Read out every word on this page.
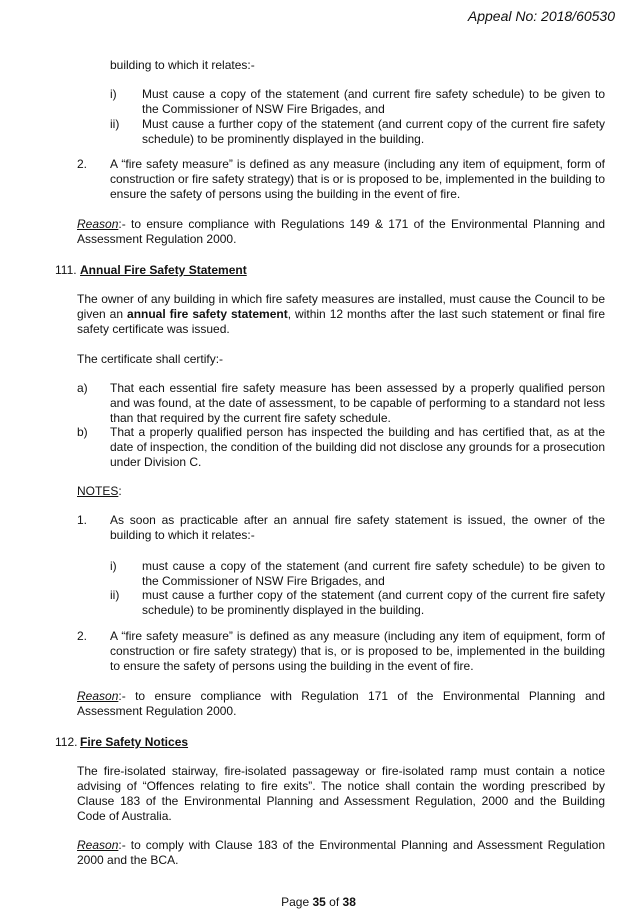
Appeal No: 2018/60530
building to which it relates:-
i)	Must cause a copy of the statement (and current fire safety schedule) to be given to the Commissioner of NSW Fire Brigades, and
ii)	Must cause a further copy of the statement (and current copy of the current fire safety schedule) to be prominently displayed in the building.
2.	A “fire safety measure” is defined as any measure (including any item of equipment, form of construction or fire safety strategy) that is or is proposed to be, implemented in the building to ensure the safety of persons using the building in the event of fire.
Reason:- to ensure compliance with Regulations 149 & 171 of the Environmental Planning and Assessment Regulation 2000.
111. Annual Fire Safety Statement
The owner of any building in which fire safety measures are installed, must cause the Council to be given an annual fire safety statement, within 12 months after the last such statement or final fire safety certificate was issued.
The certificate shall certify:-
a)	That each essential fire safety measure has been assessed by a properly qualified person and was found, at the date of assessment, to be capable of performing to a standard not less than that required by the current fire safety schedule.
b)	That a properly qualified person has inspected the building and has certified that, as at the date of inspection, the condition of the building did not disclose any grounds for a prosecution under Division C.
NOTES:
1.	As soon as practicable after an annual fire safety statement is issued, the owner of the building to which it relates:-
i)	must cause a copy of the statement (and current fire safety schedule) to be given to the Commissioner of NSW Fire Brigades, and
ii)	must cause a further copy of the statement (and current copy of the current fire safety schedule) to be prominently displayed in the building.
2.	A “fire safety measure” is defined as any measure (including any item of equipment, form of construction or fire safety strategy) that is, or is proposed to be, implemented in the building to ensure the safety of persons using the building in the event of fire.
Reason:- to ensure compliance with Regulation 171 of the Environmental Planning and Assessment Regulation 2000.
112. Fire Safety Notices
The fire-isolated stairway, fire-isolated passageway or fire-isolated ramp must contain a notice advising of “Offences relating to fire exits”. The notice shall contain the wording prescribed by Clause 183 of the Environmental Planning and Assessment Regulation, 2000 and the Building Code of Australia.
Reason:- to comply with Clause 183 of the Environmental Planning and Assessment Regulation 2000 and the BCA.
Page 35 of 38
